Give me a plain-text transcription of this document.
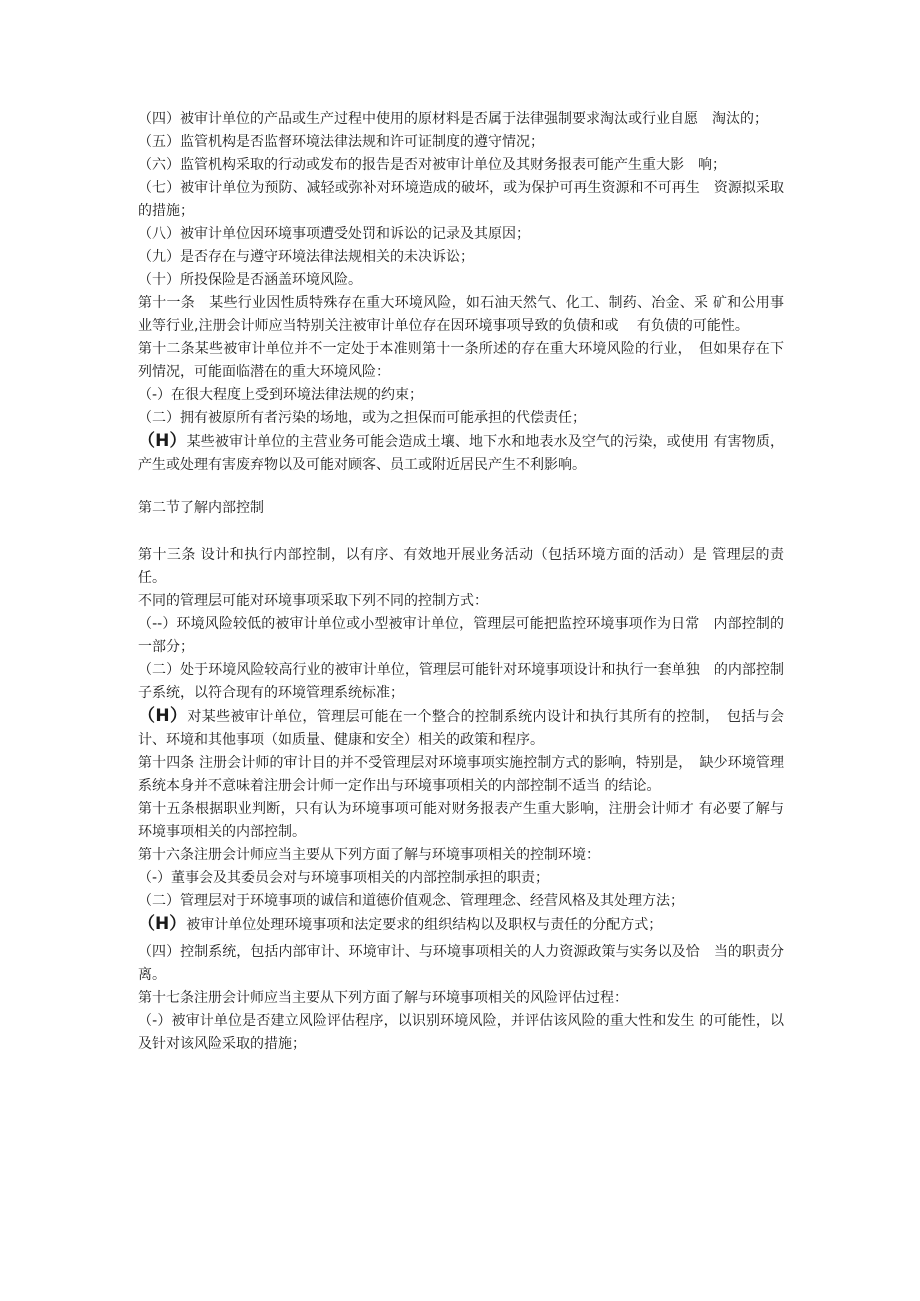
（四）被审计单位的产品或生产过程中使用的原材料是否属于法律强制要求淘汰或行业自愿　淘汰的；

（五）监管机构是否监督环境法律法规和许可证制度的遵守情况；

（六）监管机构采取的行动或发布的报告是否对被审计单位及其财务报表可能产生重大影　响；

（七）被审计单位为预防、减轻或弥补对环境造成的破坏，或为保护可再生资源和不可再生　资源拟采取的措施；

（八）被审计单位因环境事项遭受处罚和诉讼的记录及其原因；

（九）是否存在与遵守环境法律法规相关的未决诉讼；

（十）所投保险是否涵盖环境风险。

第十一条　某些行业因性质特殊存在重大环境风险，如石油天然气、化工、制药、冶金、采 矿和公用事业等行业,注册会计师应当特别关注被审计单位存在因环境事项导致的负债和或　 有负债的可能性。

第十二条某些被审计单位并不一定处于本准则第十一条所述的存在重大环境风险的行业，　但如果存在下列情况，可能面临潜在的重大环境风险：

（-）在很大程度上受到环境法律法规的约束；

（二）拥有被原所有者污染的场地，或为之担保而可能承担的代偿责任；

（H）某些被审计单位的主营业务可能会造成土壤、地下水和地表水及空气的污染，或使用 有害物质，产生或处理有害废弃物以及可能对顾客、员工或附近居民产生不利影响。

第二节了解内部控制

第十三条 设计和执行内部控制，以有序、有效地开展业务活动（包括环境方面的活动）是 管理层的责任。

不同的管理层可能对环境事项采取下列不同的控制方式：

（--）环境风险较低的被审计单位或小型被审计单位，管理层可能把监控环境事项作为日常　内部控制的一部分；

（二）处于环境风险较高行业的被审计单位，管理层可能针对环境事项设计和执行一套单独　的内部控制子系统，以符合现有的环境管理系统标准；

（H）对某些被审计单位，管理层可能在一个整合的控制系统内设计和执行其所有的控制，　包括与会计、环境和其他事项（如质量、健康和安全）相关的政策和程序。

第十四条 注册会计师的审计目的并不受管理层对环境事项实施控制方式的影响，特别是，　缺少环境管理系统本身并不意味着注册会计师一定作出与环境事项相关的内部控制不适当 的结论。

第十五条根据职业判断，只有认为环境事项可能对财务报表产生重大影响，注册会计师才 有必要了解与环境事项相关的内部控制。

第十六条注册会计师应当主要从下列方面了解与环境事项相关的控制环境：

（-）董事会及其委员会对与环境事项相关的内部控制承担的职责；

（二）管理层对于环境事项的诚信和道德价值观念、管理理念、经营风格及其处理方法；

（H）被审计单位处理环境事项和法定要求的组织结构以及职权与责任的分配方式；

（四）控制系统，包括内部审计、环境审计、与环境事项相关的人力资源政策与实务以及恰　当的职责分离。

第十七条注册会计师应当主要从下列方面了解与环境事项相关的风险评估过程：

（-）被审计单位是否建立风险评估程序，以识别环境风险，并评估该风险的重大性和发生 的可能性，以及针对该风险采取的措施；
